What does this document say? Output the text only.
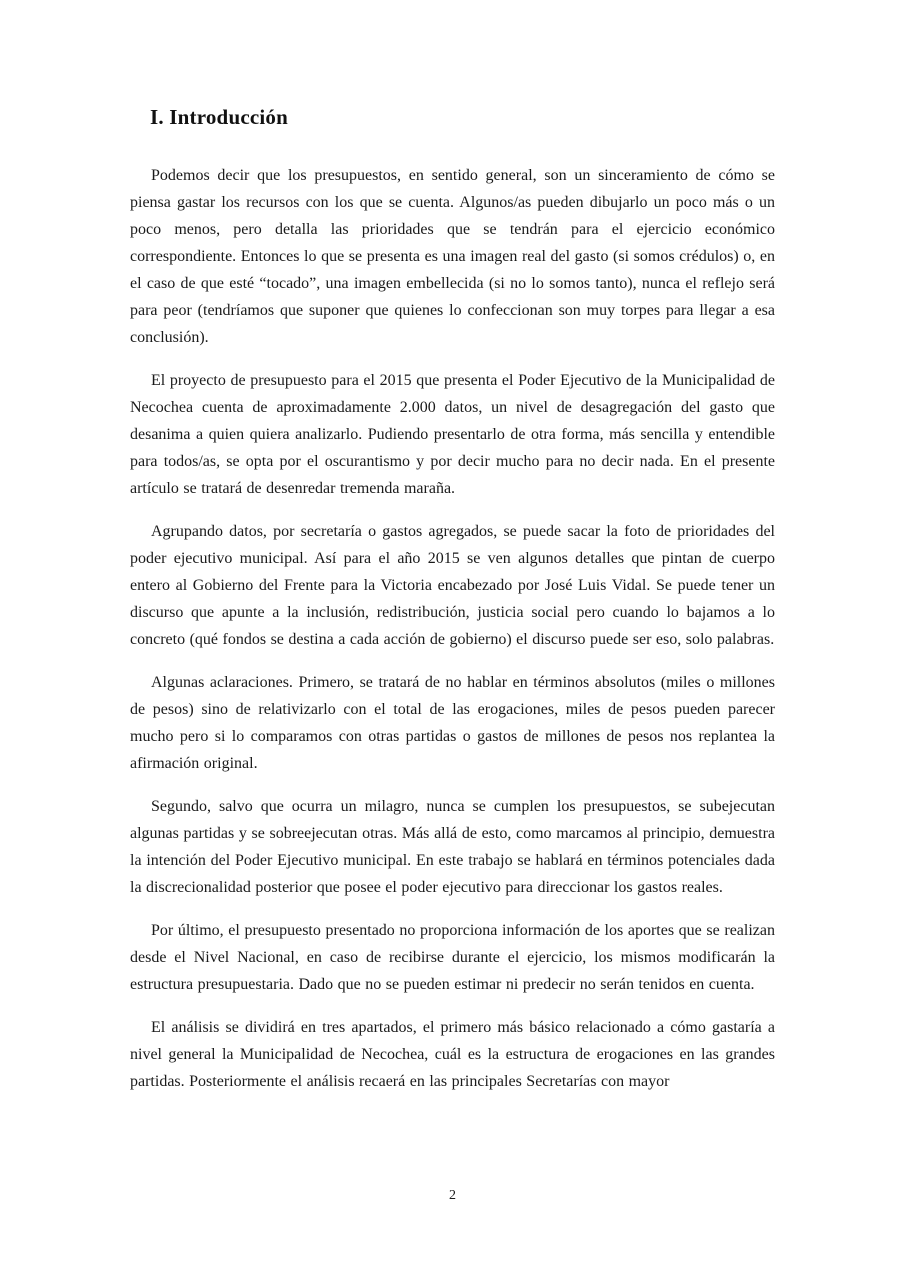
I. Introducción

Podemos decir que los presupuestos, en sentido general, son un sinceramiento de cómo se piensa gastar los recursos con los que se cuenta. Algunos/as pueden dibujarlo un poco más o un poco menos, pero detalla las prioridades que se tendrán para el ejercicio económico correspondiente. Entonces lo que se presenta es una imagen real del gasto (si somos crédulos) o, en el caso de que esté “tocado”, una imagen embellecida (si no lo somos tanto), nunca el reflejo será para peor (tendríamos que suponer que quienes lo confeccionan son muy torpes para llegar a esa conclusión).

El proyecto de presupuesto para el 2015 que presenta el Poder Ejecutivo de la Municipalidad de Necochea cuenta de aproximadamente 2.000 datos, un nivel de desagregación del gasto que desanima a quien quiera analizarlo. Pudiendo presentarlo de otra forma, más sencilla y entendible para todos/as, se opta por el oscurantismo y por decir mucho para no decir nada. En el presente artículo se tratará de desenredar tremenda maraña.

Agrupando datos, por secretaría o gastos agregados, se puede sacar la foto de prioridades del poder ejecutivo municipal. Así para el año 2015 se ven algunos detalles que pintan de cuerpo entero al Gobierno del Frente para la Victoria encabezado por José Luis Vidal. Se puede tener un discurso que apunte a la inclusión, redistribución, justicia social pero cuando lo bajamos a lo concreto (qué fondos se destina a cada acción de gobierno) el discurso puede ser eso, solo palabras.

Algunas aclaraciones. Primero, se tratará de no hablar en términos absolutos (miles o millones de pesos) sino de relativizarlo con el total de las erogaciones, miles de pesos pueden parecer mucho pero si lo comparamos con otras partidas o gastos de millones de pesos nos replantea la afirmación original.

Segundo, salvo que ocurra un milagro, nunca se cumplen los presupuestos, se subejecutan algunas partidas y se sobreejecutan otras. Más allá de esto, como marcamos al principio, demuestra la intención del Poder Ejecutivo municipal. En este trabajo se hablará en términos potenciales dada la discrecionalidad posterior que posee el poder ejecutivo para direccionar los gastos reales.

Por último, el presupuesto presentado no proporciona información de los aportes que se realizan desde el Nivel Nacional, en caso de recibirse durante el ejercicio, los mismos modificarán la estructura presupuestaria. Dado que no se pueden estimar ni predecir no serán tenidos en cuenta.

El análisis se dividirá en tres apartados, el primero más básico relacionado a cómo gastaría a nivel general la Municipalidad de Necochea, cuál es la estructura de erogaciones en las grandes partidas. Posteriormente el análisis recaerá en las principales Secretarías con mayor

2
